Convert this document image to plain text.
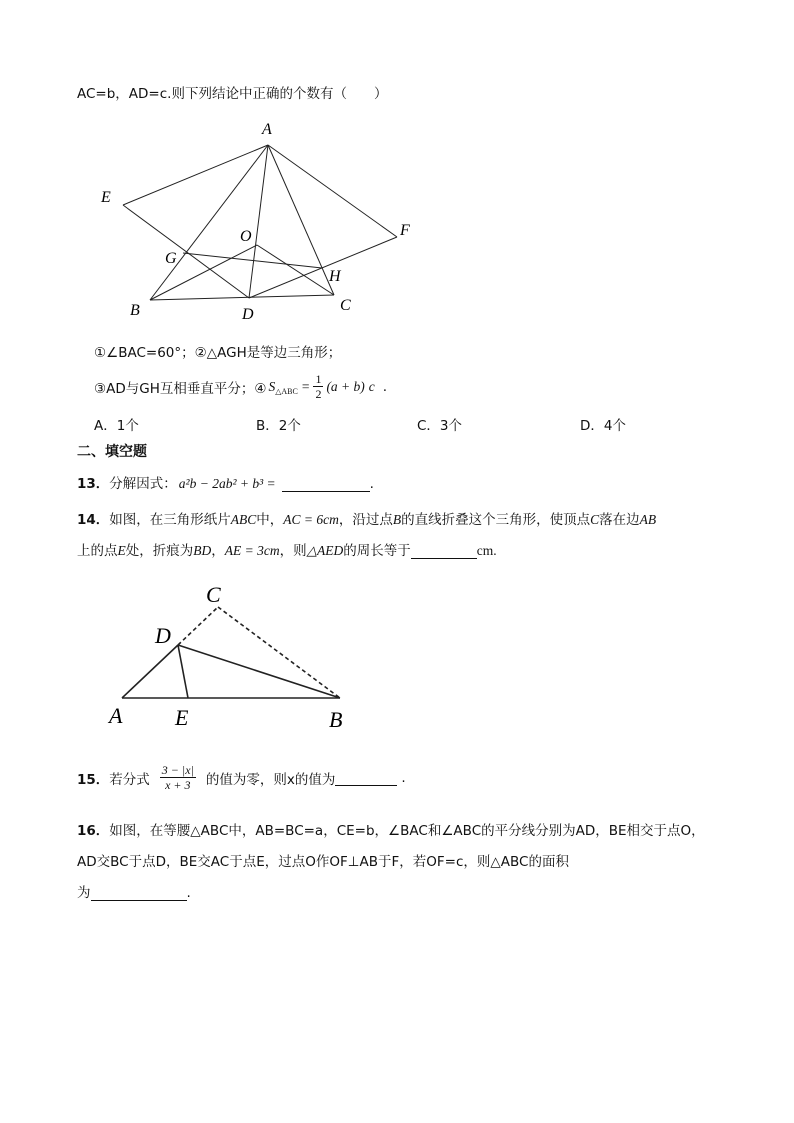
AC=b，AD=c.则下列结论中正确的个数有（　　）
A
E
F
O
G
H
B	C
D
①∠BAC=60°；②△AGH是等边三角形；
③AD与GH互相垂直平分；④ S △ABC = $\frac{1}{2} (a + b)$ c .
A．1个	B．2个	C．3个	D．4个
二、填空题
13． 分解因式： a²b − 2ab² + b³ =	.
14．如图，在三角形纸片ABC中，AC = 6cm，沿过点B的直线折叠这个三角形，使顶点C落在边AB
上的点 E 处，折痕为 BD ， AE = 3cm ，则 △AED 的周长等于	cm.
C
D
A E	B
15． 若分式 $\frac{3 - |x|}{x + 3}$ 的值为零，则x的值为	.
16．如图，在等腰△ABC中，AB=BC=a，CE=b，∠BAC和∠ABC的平分线分别为AD，BE相交于点O，
AD交BC于点D，BE交AC于点E，过点O作OF⊥AB于F，若OF=c，则△ABC的面积
为	.
